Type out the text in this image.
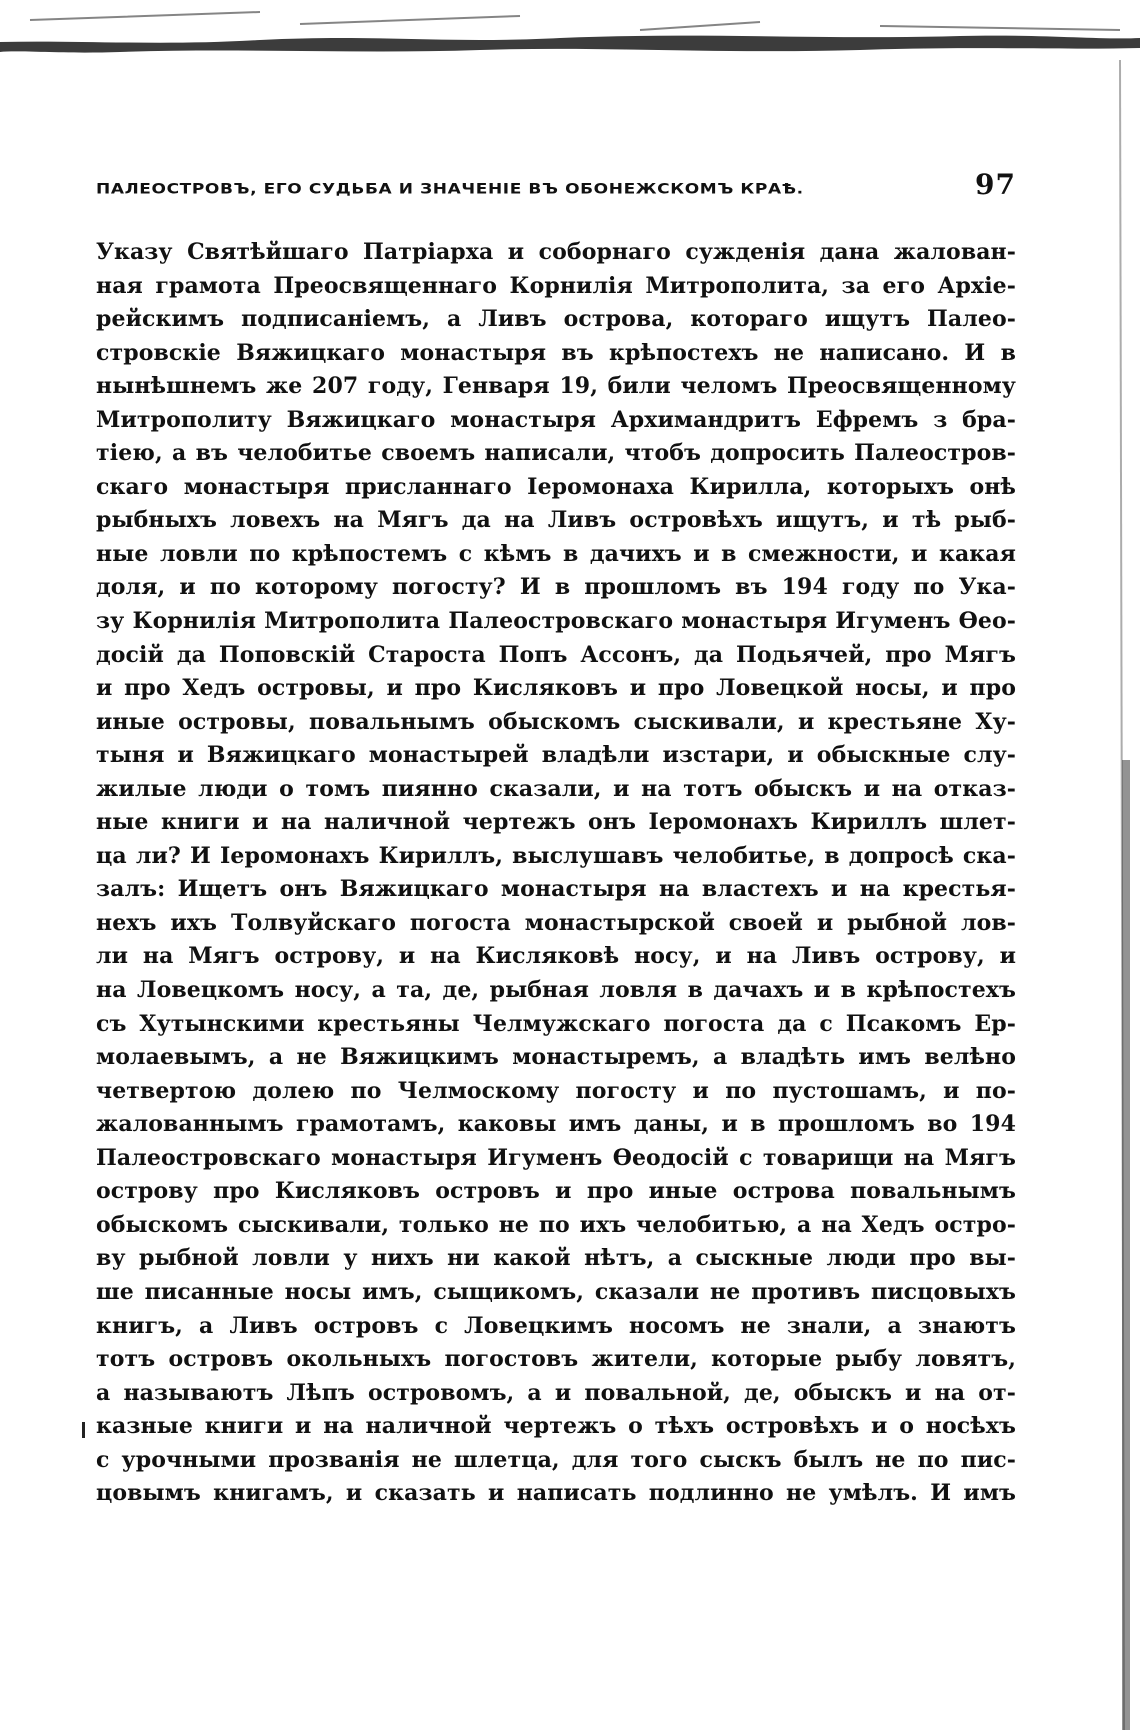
ПАЛЕОСТРОВЪ, ЕГО СУДЬБА И ЗНАЧЕНІЕ ВЪ ОБОНЕЖСКОМЪ КРАѢ.	97
Указу Святѣйшаго Патріарха и соборнаго сужденія дана жалован-
ная грамота Преосвященнаго Корнилія Митрополита, за его Архіе-
рейскимъ подписаніемъ, а Ливъ острова, котораго ищутъ Палео-
стровскіе Вяжицкаго монастыря въ крѣпостехъ не написано. И в
нынѣшнемъ же 207 году, Генваря 19, били челомъ Преосвященному
Митрополиту Вяжицкаго монастыря Архимандритъ Ефремъ з бра-
тіею, а въ челобитье своемъ написали, чтобъ допросить Палеостров-
скаго монастыря присланнаго Іеромонаха Кирилла, которыхъ онѣ
рыбныхъ ловехъ на Мягъ да на Ливъ островѣхъ ищутъ, и тѣ рыб-
ные ловли по крѣпостемъ с кѣмъ в дачихъ и в смежности, и какая
доля, и по которому погосту? И в прошломъ въ 194 году по Ука-
зу Корнилія Митрополита Палеостровскаго монастыря Игуменъ Ѳео-
досій да Поповскій Староста Попъ Ассонъ, да Подьячей, про Мягъ
и про Хедъ островы, и про Кисляковъ и про Ловецкой носы, и про
иные островы, повальнымъ обыскомъ сыскивали, и крестьяне Ху-
тыня и Вяжицкаго монастырей владѣли изстари, и обыскные слу-
жилые люди о томъ пиянно сказали, и на тотъ обыскъ и на отказ-
ные книги и на наличной чертежъ онъ Іеромонахъ Кириллъ шлет-
ца ли? И Іеромонахъ Кириллъ, выслушавъ челобитье, в допросѣ ска-
залъ: Ищетъ онъ Вяжицкаго монастыря на властехъ и на крестья-
нехъ ихъ Толвуйскаго погоста монастырской своей и рыбной лов-
ли на Мягъ острову, и на Кисляковѣ носу, и на Ливъ острову, и
на Ловецкомъ носу, а та, де, рыбная ловля в дачахъ и в крѣпостехъ
съ Хутынскими крестьяны Челмужскаго погоста да с Псакомъ Ер-
молаевымъ, а не Вяжицкимъ монастыремъ, а владѣть имъ велѣно
четвертою долею по Челмоскому погосту и по пустошамъ, и по-
жалованнымъ грамотамъ, каковы имъ даны, и в прошломъ во 194
Палеостровскаго монастыря Игуменъ Ѳеодосій с товарищи на Мягъ
острову про Кисляковъ островъ и про иные острова повальнымъ
обыскомъ сыскивали, только не по ихъ челобитью, а на Хедъ остро-
ву рыбной ловли у нихъ ни какой нѣтъ, а сыскные люди про вы-
ше писанные носы имъ, сыщикомъ, сказали не противъ писцовыхъ
книгъ, а Ливъ островъ с Ловецкимъ носомъ не знали, а знаютъ
тотъ островъ окольныхъ погостовъ жители, которые рыбу ловятъ,
а называютъ Лѣпъ островомъ, а и повальной, де, обыскъ и на от-
казные книги и на наличной чертежъ о тѣхъ островѣхъ и о носѣхъ
с урочными прозванія не шлетца, для того сыскъ былъ не по пис-
цовымъ книгамъ, и сказать и написать подлинно не умѣлъ. И имъ
